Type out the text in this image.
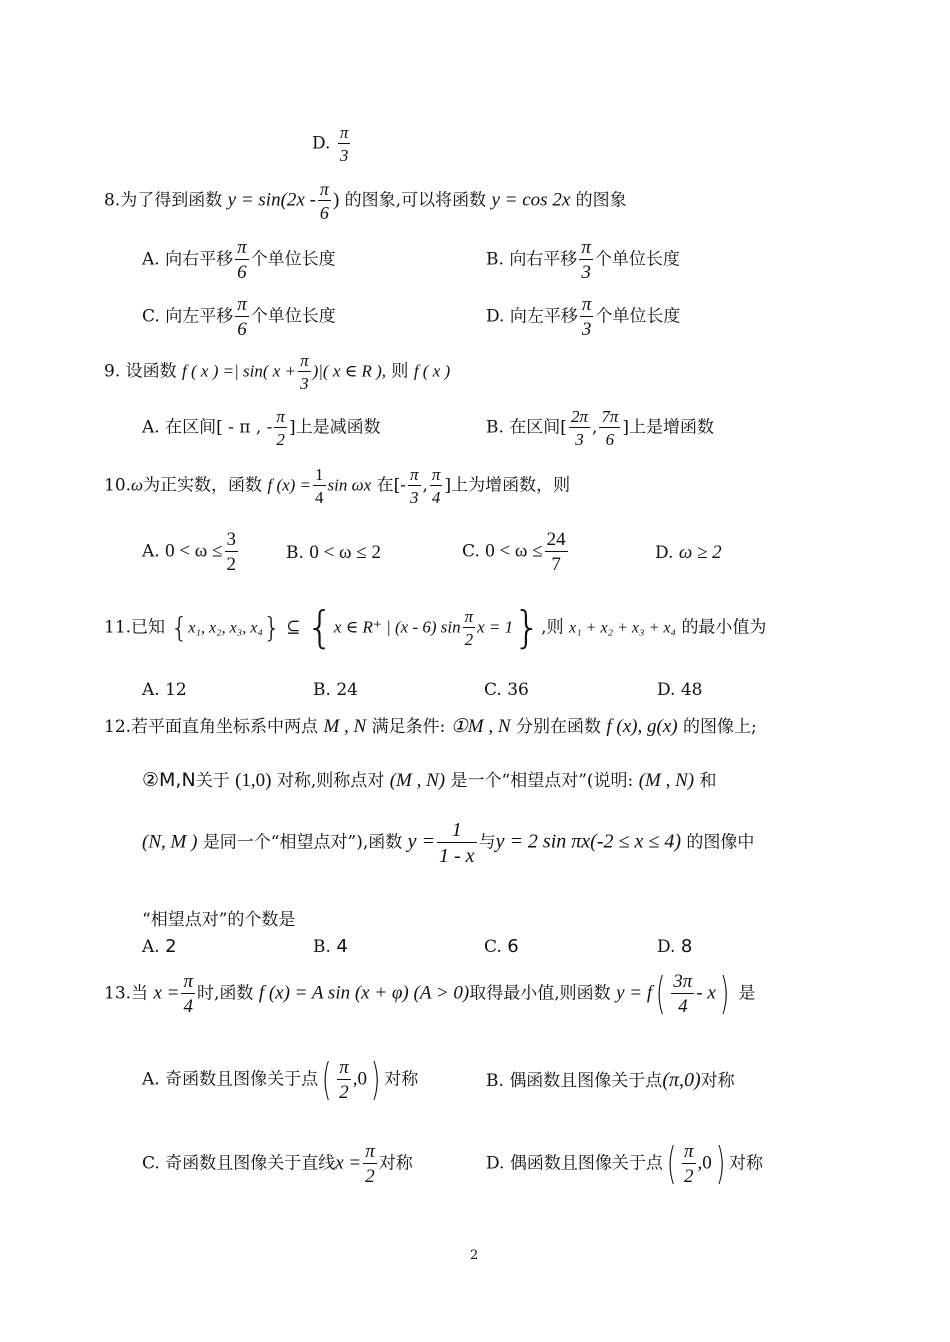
D. $\frac{\pi}{3}$
8.为了得到函数 $y = \sin(2x - \frac{\pi}{6}$ ) 的图象,可以将函数 y = cos 2x 的图象
A. 向右平移 $\frac{\pi}{6}$ 个单位长度	B. 向右平移 $\frac{\pi}{3}$ 个单位长度
C. 向左平移 $\frac{\pi}{6}$ 个单位长度	D. 向左平移 $\frac{\pi}{3}$ 个单位长度
9. 设函数 f ( x ) =| sin( $x + \frac{\pi}{3}$ )|( x ∈ R ), 则 f ( x )
A. 在区间[ - π , - $\frac{\pi}{2}$ ]上是减函数	B. 在区间[ $\frac{2\pi}{3}$ , $\frac{7\pi}{6}$ ]上是增函数
10.ω为正实数，函数 f $(x) = \frac{1}{4}$ sin ωx 在[- $\frac{\pi}{3}$ , $\frac{\pi}{4}$ ]上为增函数，则
A. $0 < \omega \le \frac{3}{2}$	B. 0 < ω ≤ 2	C. $0 < \omega \le \frac{24}{7}$	D. ω ≥ 2
11.已知 {x₁, x₂, x₃, x₄} ⊆ {x ∈ R⁺ | (x - 6) $\sin \frac{\pi}{2}$ x = 1},则 x₁ + x₂ + x₃ + x₄ 的最小值为
A. 12	B. 24	C. 36	D. 48
12.若平面直角坐标系中两点 M , N 满足条件: ①M , N 分别在函数 f (x), g(x) 的图像上;
②M,N关于 (1,0) 对称,则称点对 (M , N) 是一个“相望点对”(说明: (M , N) 和
(N, M ) 是同一个“相望点对”),函数 $y = \frac{1}{1 - x}$ 与y = 2 sin πx(-2 ≤ x ≤ 4) 的图像中
“相望点对”的个数是
A. 2	B. 4	C. 6	D. 8
13.当 $x = \frac{\pi}{4}$ 时,函数 f (x) = A sin (x + φ) (A > 0)取得最小值,则函数 $y = f( \frac{3\pi}{4} - x)$ 是
A. 奇函数且图像关于点( $\frac{\pi}{2} ,0$) 对称	B. 偶函数且图像关于点(π,0)对称
C. 奇函数且图像关于直线$x = \frac{\pi}{2}$ 对称	D. 偶函数且图像关于点( $\frac{\pi}{2} ,0$) 对称
2
